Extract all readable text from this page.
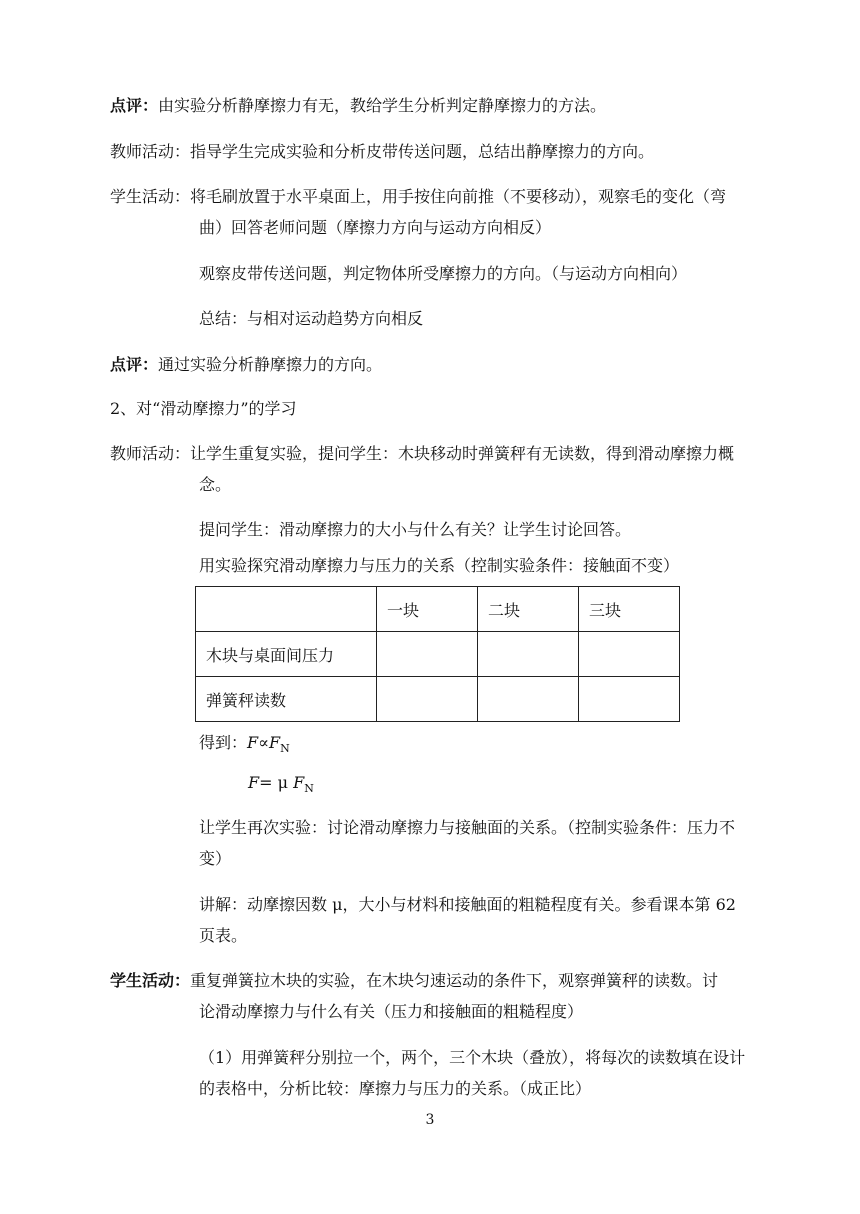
点评：由实验分析静摩擦力有无，教给学生分析判定静摩擦力的方法。
教师活动：指导学生完成实验和分析皮带传送问题，总结出静摩擦力的方向。
学生活动：将毛刷放置于水平桌面上，用手按住向前推（不要移动），观察毛的变化（弯
曲）回答老师问题（摩擦力方向与运动方向相反）
观察皮带传送问题，判定物体所受摩擦力的方向。（与运动方向相向）
总结：与相对运动趋势方向相反
点评：通过实验分析静摩擦力的方向。
2、对“滑动摩擦力”的学习
教师活动：让学生重复实验，提问学生：木块移动时弹簧秤有无读数，得到滑动摩擦力概
念。
提问学生：滑动摩擦力的大小与什么有关？让学生讨论回答。
用实验探究滑动摩擦力与压力的关系（控制实验条件：接触面不变）
	一块	二块	三块
木块与桌面间压力			
弹簧秤读数			
得到：$F\propto F_N$
F= μ $F_N$
让学生再次实验：讨论滑动摩擦力与接触面的关系。（控制实验条件：压力不
变）
讲解：动摩擦因数 μ，大小与材料和接触面的粗糙程度有关。参看课本第 62
页表。
学生活动：重复弹簧拉木块的实验，在木块匀速运动的条件下，观察弹簧秤的读数。讨
论滑动摩擦力与什么有关（压力和接触面的粗糙程度）
（1）用弹簧秤分别拉一个，两个，三个木块（叠放），将每次的读数填在设计
的表格中，分析比较：摩擦力与压力的关系。（成正比）
3
